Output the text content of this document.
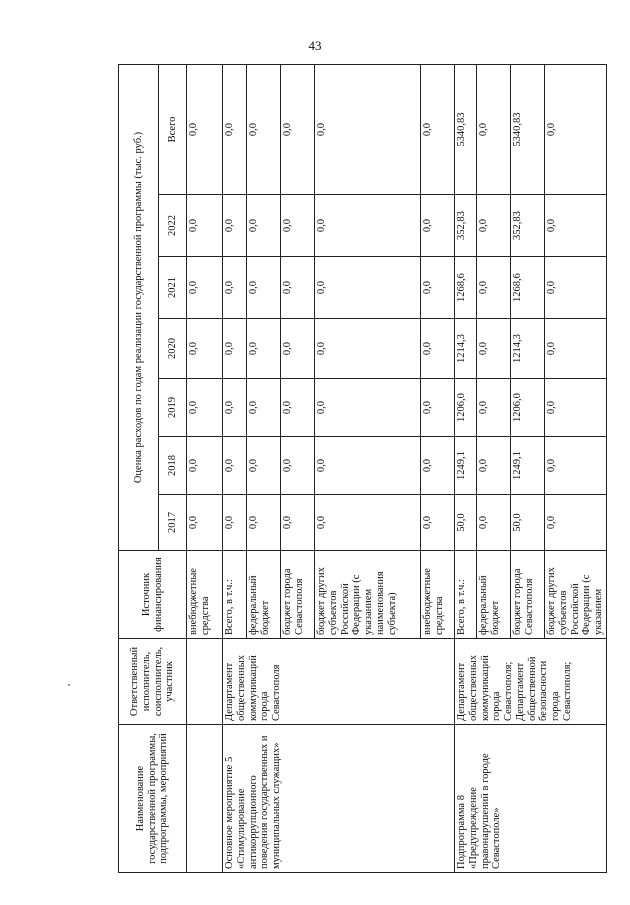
43
Наименование государственной программы, подпрограммы, мероприятий	Ответственный исполнитель, соисполнитель, участник	Источник финансирования	Оценка расходов по годам реализации государственной программы (тыс. руб.)						
			2017	2018	2019	2020	2021	2022	Всего
		внебюджетные средства	0,0	0,0	0,0	0,0	0,0	0,0	0,0
Основное мероприятие 5 «Стимулирование антикоррупционного поведения государственных и муниципальных служащих»	Департамент общественных коммуникаций города Севастополя	Всего, в т.ч.:	0,0	0,0	0,0	0,0	0,0	0,0	0,0
		федеральный бюджет	0,0	0,0	0,0	0,0	0,0	0,0	0,0
		бюджет города Севастополя	0,0	0,0	0,0	0,0	0,0	0,0	0,0
		бюджет других субъектов Российской Федерации (с указанием наименования субъекта)	0,0	0,0	0,0	0,0	0,0	0,0	0,0
		внебюджетные средства	0,0	0,0	0,0	0,0	0,0	0,0	0,0
Подпрограмма 8 «Предупреждение правонарушений в городе Севастополе»	Департамент общественных коммуникаций города Севастополя; Департамент общественной безопасности города Севастополя;	Всего, в т.ч.:	50,0	1249,1	1206,0	1214,3	1268,6	352,83	5340,83
		федеральный бюджет	0,0	0,0	0,0	0,0	0,0	0,0	0,0
		бюджет города Севастополя	50,0	1249,1	1206,0	1214,3	1268,6	352,83	5340,83
		бюджет других субъектов Российской Федерации (с указанием	0,0	0,0	0,0	0,0	0,0	0,0	0,0
